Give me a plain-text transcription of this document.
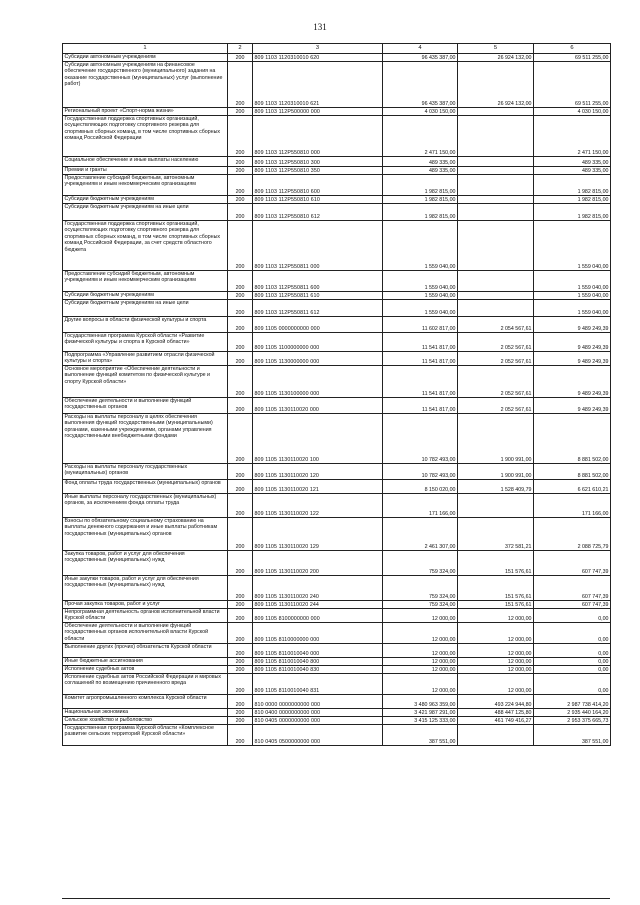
131
1	2	3	4	5	6
Субсидии автономным учреждениям	200	809 1103 1120310010 620	96 435 387,00	26 924 132,00	69 511 255,00
Субсидии автономным учреждениям на финансовое обеспечение государственного (муниципального) задания на оказание государственных (муниципальных) услуг (выполнение работ)	200	809 1103 1120310010 621	96 435 387,00	26 924 132,00	69 511 255,00
Региональный проект «Спорт-норма жизни»	200	809 1103 112P500000 000	4 030 150,00		4 030 150,00
Государственная поддержка спортивных организаций, осуществляющих подготовку спортивного резерва для спортивных сборных команд, в том числе спортивных сборных команд Российской Федерации	200	809 1103 112P550810 000	2 471 150,00		2 471 150,00
Социальное обеспечение и иные выплаты населению	200	809 1103 112P550810 300	489 335,00		489 335,00
Премии и гранты	200	809 1103 112P550810 350	489 335,00		489 335,00
Предоставление субсидий бюджетным, автономным учреждениям и иным некоммерческим организациям	200	809 1103 112P550810 600	1 982 815,00		1 982 815,00
Субсидии бюджетным учреждениям	200	809 1103 112P550810 610	1 982 815,00		1 982 815,00
Субсидии бюджетным учреждениям на иные цели	200	809 1103 112P550810 612	1 982 815,00		1 982 815,00
Государственная поддержка спортивных организаций, осуществляющих подготовку спортивного резерва для спортивных сборных команд, в том числе спортивных сборных команд Российской Федерации, за счет средств областного бюджета	200	809 1103 112P550811 000	1 559 040,00		1 559 040,00
Предоставление субсидий бюджетным, автономным учреждениям и иным некоммерческим организациям	200	809 1103 112P550811 600	1 559 040,00		1 559 040,00
Субсидии бюджетным учреждениям	200	809 1103 112P550811 610	1 559 040,00		1 559 040,00
Субсидии бюджетным учреждениям на иные цели	200	809 1103 112P550811 612	1 559 040,00		1 559 040,00
Другие вопросы в области физической культуры и спорта	200	809 1105 0000000000 000	11 602 817,00	2 054 567,61	9 489 249,39
Государственная программа Курской области «Развитие физической культуры и спорта в Курской области»	200	809 1105 1100000000 000	11 541 817,00	2 052 567,61	9 489 249,39
Подпрограмма «Управление развитием отрасли физической культуры и спорта»	200	809 1105 1130000000 000	11 541 817,00	2 052 567,61	9 489 249,39
Основное мероприятие «Обеспечение деятельности и выполнение функций комитетом по физической культуре и спорту Курской области»	200	809 1105 1130100000 000	11 541 817,00	2 052 567,61	9 489 249,39
Обеспечение деятельности и выполнение функций государственных органов	200	809 1105 1130110020 000	11 541 817,00	2 052 567,61	9 489 249,39
Расходы на выплаты персоналу в целях обеспечения выполнения функций государственными (муниципальными) органами, казенными учреждениями, органами управления государственными внебюджетными фондами	200	809 1105 1130110020 100	10 782 493,00	1 900 991,00	8 881 502,00
Расходы на выплаты персоналу государственных (муниципальных) органов	200	809 1105 1130110020 120	10 782 493,00	1 900 991,00	8 881 502,00
Фонд оплаты труда государственных (муниципальных) органов	200	809 1105 1130110020 121	8 150 020,00	1 528 409,79	6 621 610,21
Иные выплаты персоналу государственных (муниципальных) органов, за исключением фонда оплаты труда	200	809 1105 1130110020 122	171 166,00		171 166,00
Взносы по обязательному социальному страхованию на выплаты денежного содержания и иные выплаты работникам государственных (муниципальных) органов	200	809 1105 1130110020 129	2 461 307,00	372 581,21	2 088 725,79
Закупка товаров, работ и услуг для обеспечения государственных (муниципальных) нужд	200	809 1105 1130110020 200	759 324,00	151 576,61	607 747,39
Иные закупки товаров, работ и услуг для обеспечения государственных (муниципальных) нужд	200	809 1105 1130110020 240	759 324,00	151 576,61	607 747,39
Прочая закупка товаров, работ и услуг	200	809 1105 1130110020 244	759 324,00	151 576,61	607 747,39
Непрограммная деятельность органов исполнительной власти Курской области	200	809 1105 8100000000 000	12 000,00	12 000,00	0,00
Обеспечение деятельности и выполнение функций государственных органов исполнительной власти Курской области	200	809 1105 8110000000 000	12 000,00	12 000,00	0,00
Выполнение других (прочих) обязательств Курской области	200	809 1105 8110010040 000	12 000,00	12 000,00	0,00
Иные бюджетные ассигнования	200	809 1105 8110010040 800	12 000,00	12 000,00	0,00
Исполнение судебных актов	200	809 1105 8110010040 830	12 000,00	12 000,00	0,00
Исполнение судебных актов Российской Федерации и мировых соглашений по возмещению причиненного вреда	200	809 1105 8110010040 831	12 000,00	12 000,00	0,00
Комитет агропромышленного комплекса Курской области	200	810 0000 0000000000 000	3 480 963 359,00	493 224 944,80	2 987 738 414,20
Национальная экономика	200	810 0400 0000000000 000	3 421 987 291,00	488 447 125,80	2 935 440 164,20
Сельское хозяйство и рыболовство	200	810 0405 0000000000 000	3 415 125 333,00	461 749 416,27	2 953 375 665,73
Государственная программа Курской области «Комплексное развитие сельских территорий Курской области»	200	810 0405 0500000000 000	387 551,00		387 551,00
